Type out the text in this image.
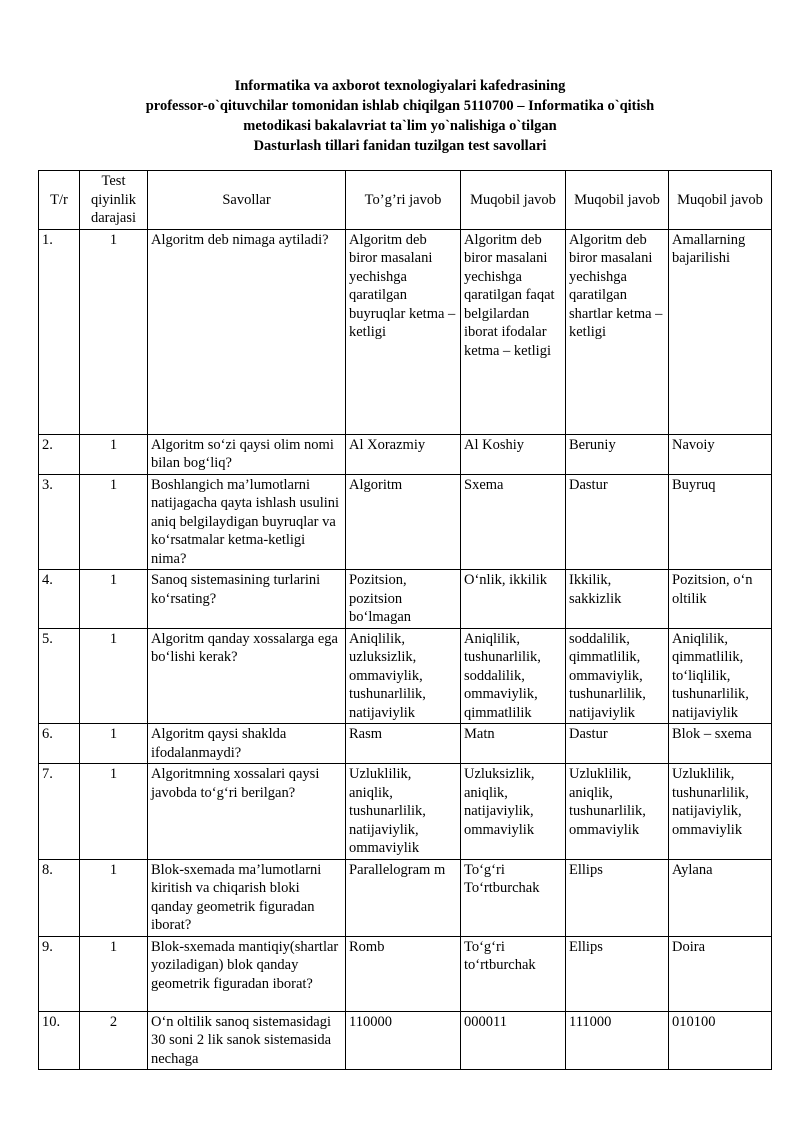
Informatika va axborot texnologiyalari kafedrasining
professor-o`qituvchilar tomonidan ishlab chiqilgan 5110700 – Informatika o`qitish
metodikasi bakalavriat ta`lim yo`nalishiga o`tilgan
Dasturlash tillari fanidan tuzilgan test savollari
T/r	Test qiyinlik darajasi	Savollar	To’g’ri javob	Muqobil javob	Muqobil javob	Muqobil javob
1.	1	Algoritm deb nimaga aytiladi?	Algoritm deb biror masalani yechishga qaratilgan buyruqlar ketma – ketligi	Algoritm deb biror masalani yechishga qaratilgan faqat belgilardan iborat ifodalar ketma – ketligi	Algoritm deb biror masalani yechishga qaratilgan shartlar ketma – ketligi	Amallarning bajarilishi
2.	1	Algoritm so‘zi qaysi olim nomi bilan bog‘liq?	Al Xorazmiy	Al Koshiy	Beruniy	Navoiy
3.	1	Boshlangich ma’lumotlarni natijagacha qayta ishlash usulini aniq belgilaydigan buyruqlar va ko‘rsatmalar ketma-ketligi nima?	Algoritm	Sxema	Dastur	Buyruq
4.	1	Sanoq sistemasining turlarini ko‘rsating?	Pozitsion, pozitsion bo‘lmagan	O‘nlik, ikkilik	Ikkilik, sakkizlik	Pozitsion, o‘n oltilik
5.	1	Algoritm qanday xossalarga ega bo‘lishi kerak?	Aniqlilik, uzluksizlik, ommaviylik, tushunarlilik, natijaviylik	Aniqlilik, tushunarlilik, soddalilik, ommaviylik, qimmatlilik	soddalilik, qimmatlilik, ommaviylik, tushunarlilik, natijaviylik	Aniqlilik, qimmatlilik, to‘liqlilik, tushunarlilik, natijaviylik
6.	1	Algoritm qaysi shaklda ifodalanmaydi?	Rasm	Matn	Dastur	Blok – sxema
7.	1	Algoritmning xossalari qaysi javobda to‘g‘ri berilgan?	Uzluklilik, aniqlik, tushunarlilik, natijaviylik, ommaviylik	Uzluksizlik, aniqlik, natijaviylik, ommaviylik	Uzluklilik, aniqlik, tushunarlilik, ommaviylik	Uzluklilik, tushunarlilik, natijaviylik, ommaviylik
8.	1	Blok-sxemada ma’lumotlarni kiritish va chiqarish bloki qanday geometrik figuradan iborat?	Parallelogram m	To‘g‘ri To‘rtburchak	Ellips	Aylana
9.	1	Blok-sxemada mantiqiy(shartlar yoziladigan) blok qanday geometrik figuradan iborat?	Romb	To‘g‘ri to‘rtburchak	Ellips	Doira
10.	2	O‘n oltilik sanoq sistemasidagi 30 soni 2 lik sanok sistemasida nechaga	110000	000011	111000	010100
